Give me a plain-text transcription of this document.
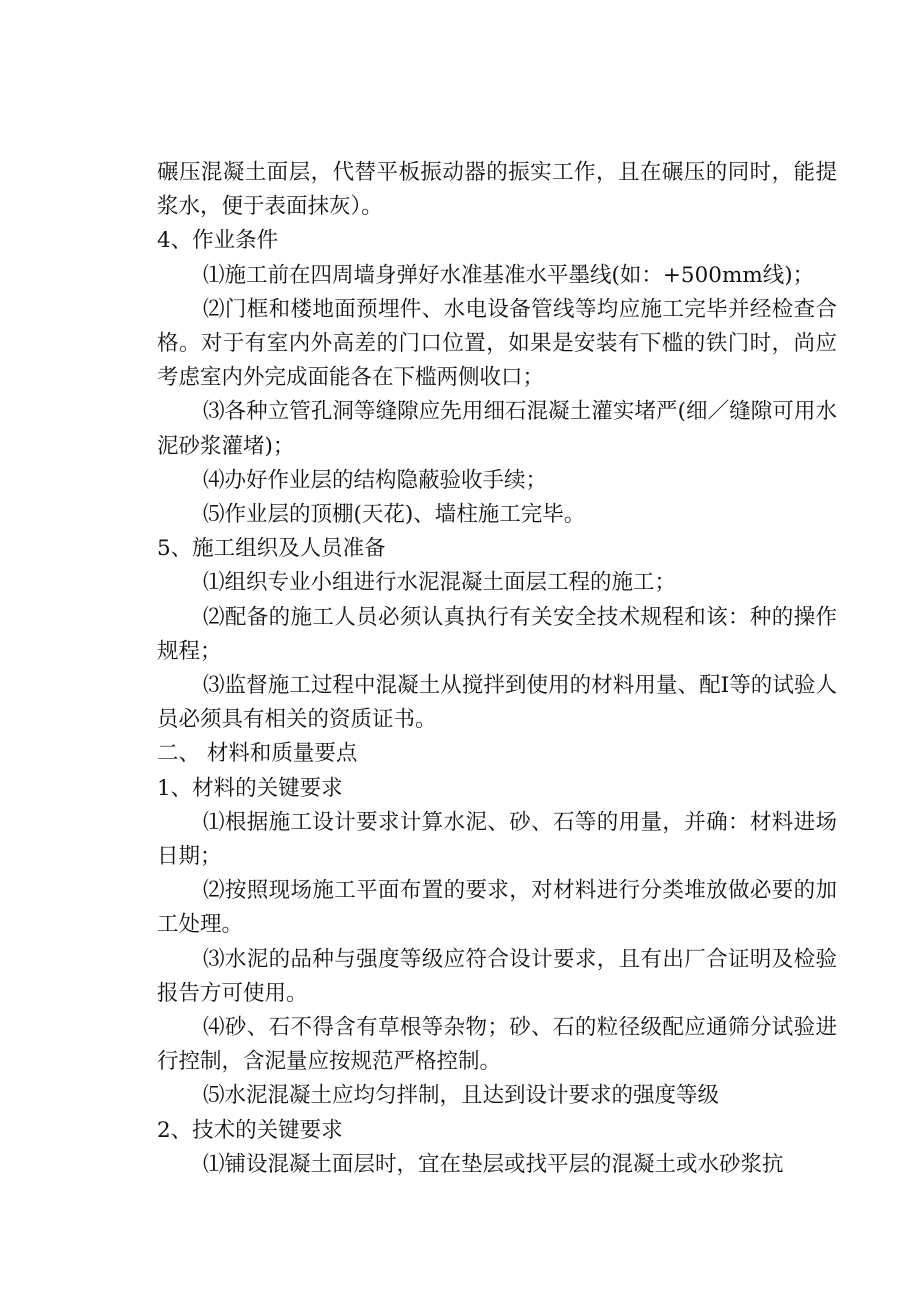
碾压混凝土面层，代替平板振动器的振实工作，且在碾压的同时，能提浆水，便于表面抹灰）。

4、作业条件

⑴施工前在四周墙身弹好水准基准水平墨线(如：+500mm线)；

⑵门框和楼地面预埋件、水电设备管线等均应施工完毕并经检查合格。对于有室内外高差的门口位置，如果是安装有下槛的铁门时，尚应考虑室内外完成面能各在下槛两侧收口；

⑶各种立管孔洞等缝隙应先用细石混凝土灌实堵严(细／缝隙可用水泥砂浆灌堵)；

⑷办好作业层的结构隐蔽验收手续；

⑸作业层的顶棚(天花)、墙柱施工完毕。

5、施工组织及人员准备

⑴组织专业小组进行水泥混凝土面层工程的施工；

⑵配备的施工人员必须认真执行有关安全技术规程和该：种的操作规程；

⑶监督施工过程中混凝土从搅拌到使用的材料用量、配I等的试验人员必须具有相关的资质证书。

二、 材料和质量要点

1、材料的关键要求

⑴根据施工设计要求计算水泥、砂、石等的用量，并确：材料进场日期；

⑵按照现场施工平面布置的要求，对材料进行分类堆放做必要的加工处理。

⑶水泥的品种与强度等级应符合设计要求，且有出厂合证明及检验报告方可使用。

⑷砂、石不得含有草根等杂物；砂、石的粒径级配应通筛分试验进行控制，含泥量应按规范严格控制。

⑸水泥混凝土应均匀拌制，且达到设计要求的强度等级

2、技术的关键要求

⑴铺设混凝土面层时，宜在垫层或找平层的混凝土或水砂浆抗
